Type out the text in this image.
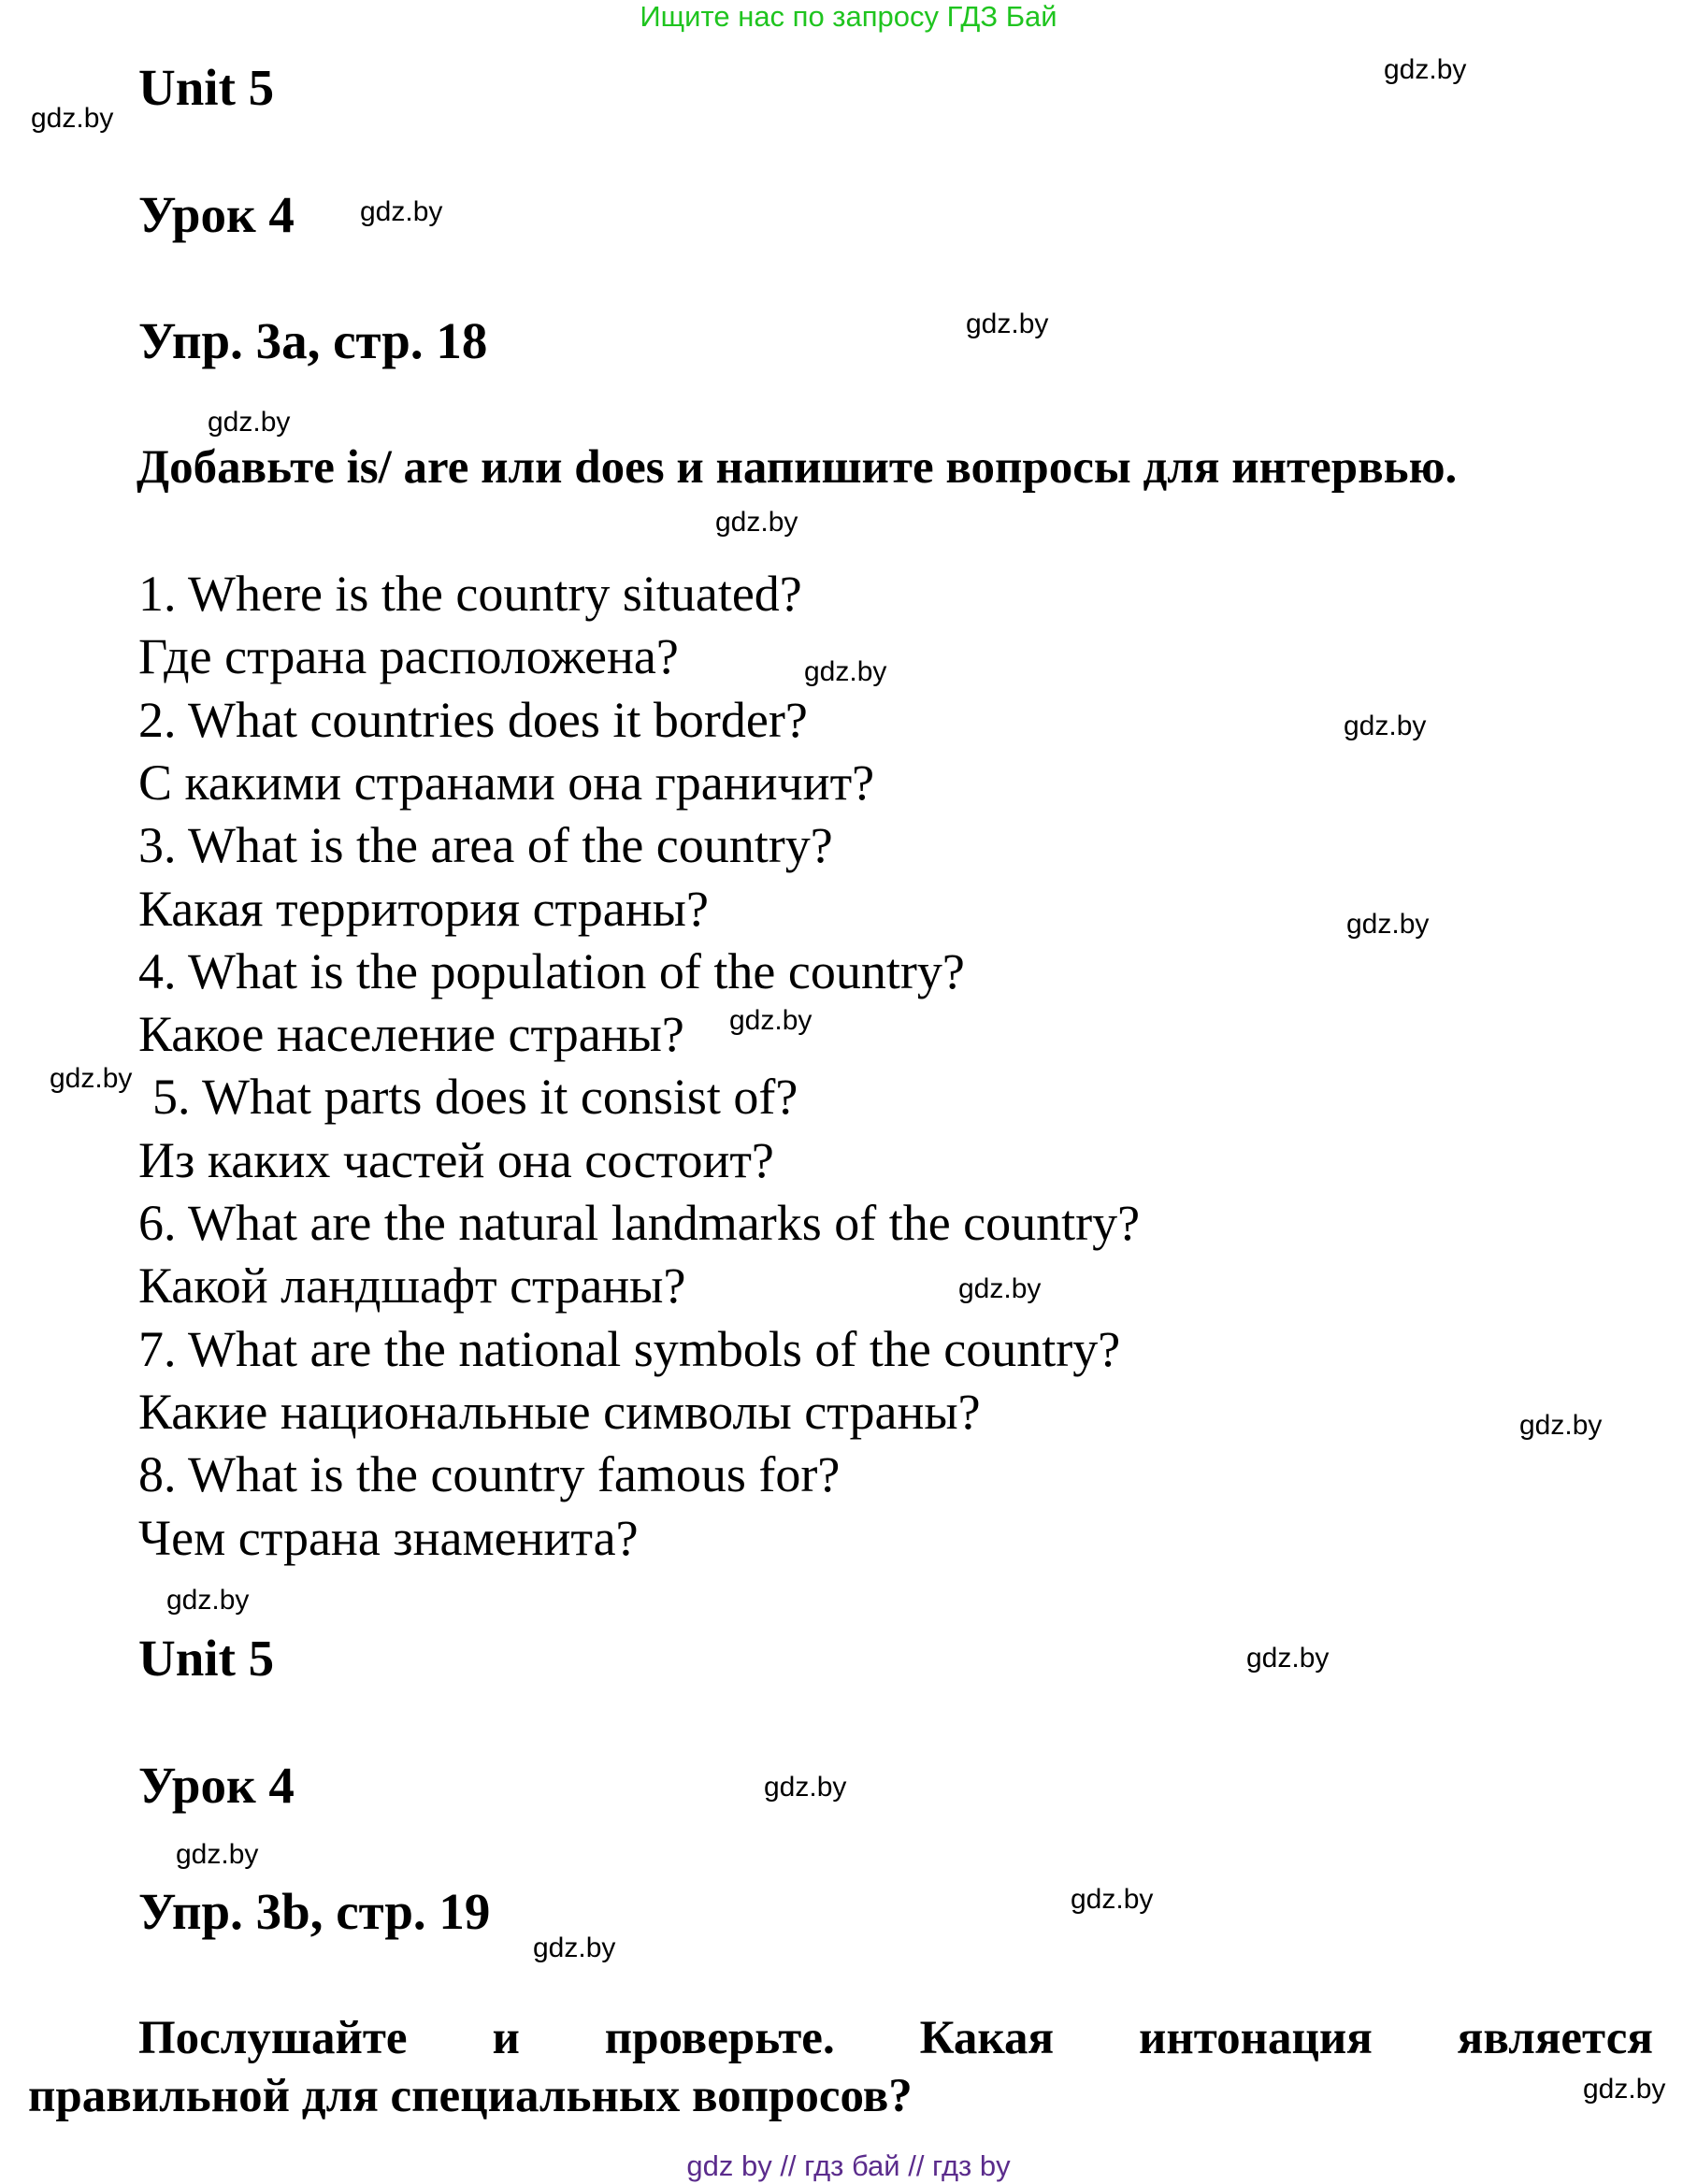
Ищите нас по запросу ГДЗ Бай
Unit 5
Урок 4
Упр. 3a, стр. 18
Добавьте is/ are или does и напишите вопросы для интервью.
1. Where is the country situated?
Где страна расположена?
2. What countries does it border?
С какими странами она граничит?
3. What is the area of the country?
Какая территория страны?
4. What is the population of the country?
Какое население страны?
5. What parts does it consist of?
Из каких частей она состоит?
6. What are the natural landmarks of the country?
Какой ландшафт страны?
7. What are the national symbols of the country?
Какие национальные символы страны?
8. What is the country famous for?
Чем страна знаменита?
Unit 5
Урок 4
Упр. 3b, стр. 19
Послушайте и проверьте. Какая интонация является
правильной для специальных вопросов?
gdz.by
gdz.by
gdz.by
gdz.by
gdz.by
gdz.by
gdz.by
gdz.by
gdz.by
gdz.by
gdz.by
gdz.by
gdz.by
gdz.by
gdz.by
gdz.by
gdz.by
gdz.by
gdz.by
gdz.by
gdz by // гдз бай // гдз by
